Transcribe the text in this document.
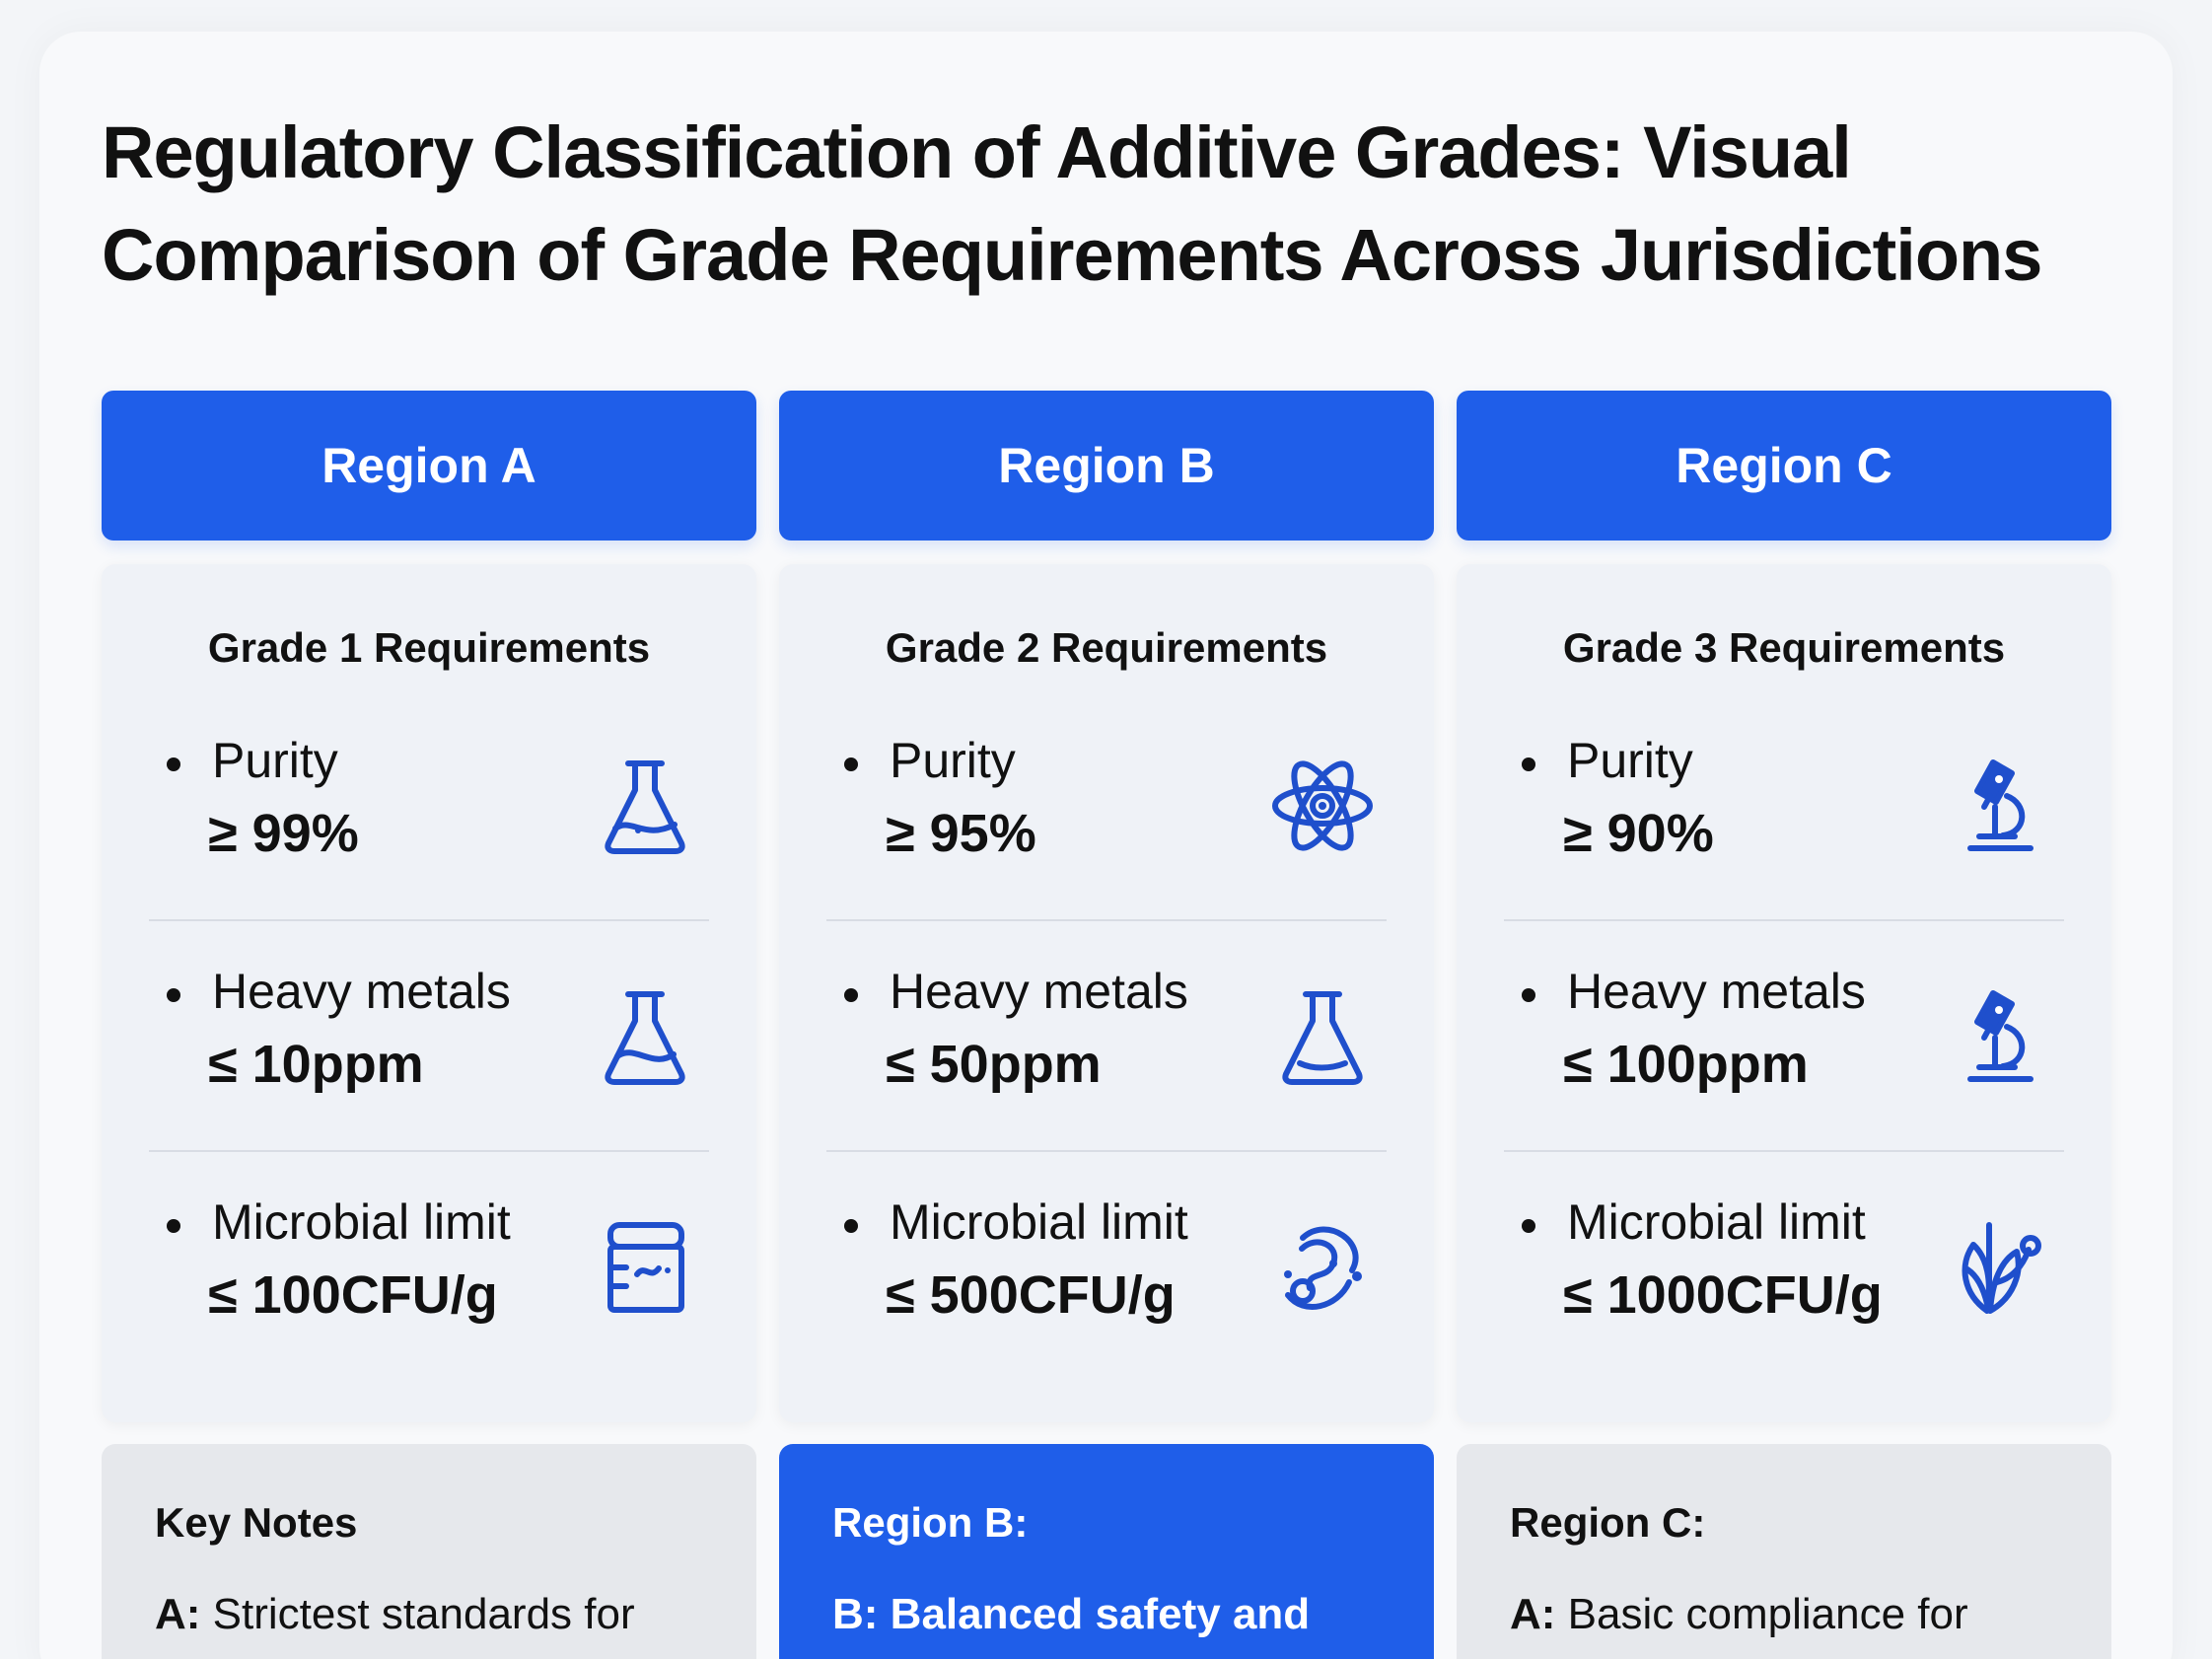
Regulatory Classification of Additive Grades: Visual Comparison of Grade Requirements Across Jurisdictions
Region A	Region B	Region C
Grade 1 Requirements
Purity
≥ 99%
Heavy metals
≤ 10ppm
Microbial limit
≤ 100CFU/g
Grade 2 Requirements
Purity
≥ 95%
Heavy metals
≤ 50ppm
Microbial limit
≤ 500CFU/g
Grade 3 Requirements
Purity
≥ 90%
Heavy metals
≤ 100ppm
Microbial limit
≤ 1000CFU/g
Key Notes
A: Strictest standards for
Region B:
B: Balanced safety and
Region C:
A: Basic compliance for
